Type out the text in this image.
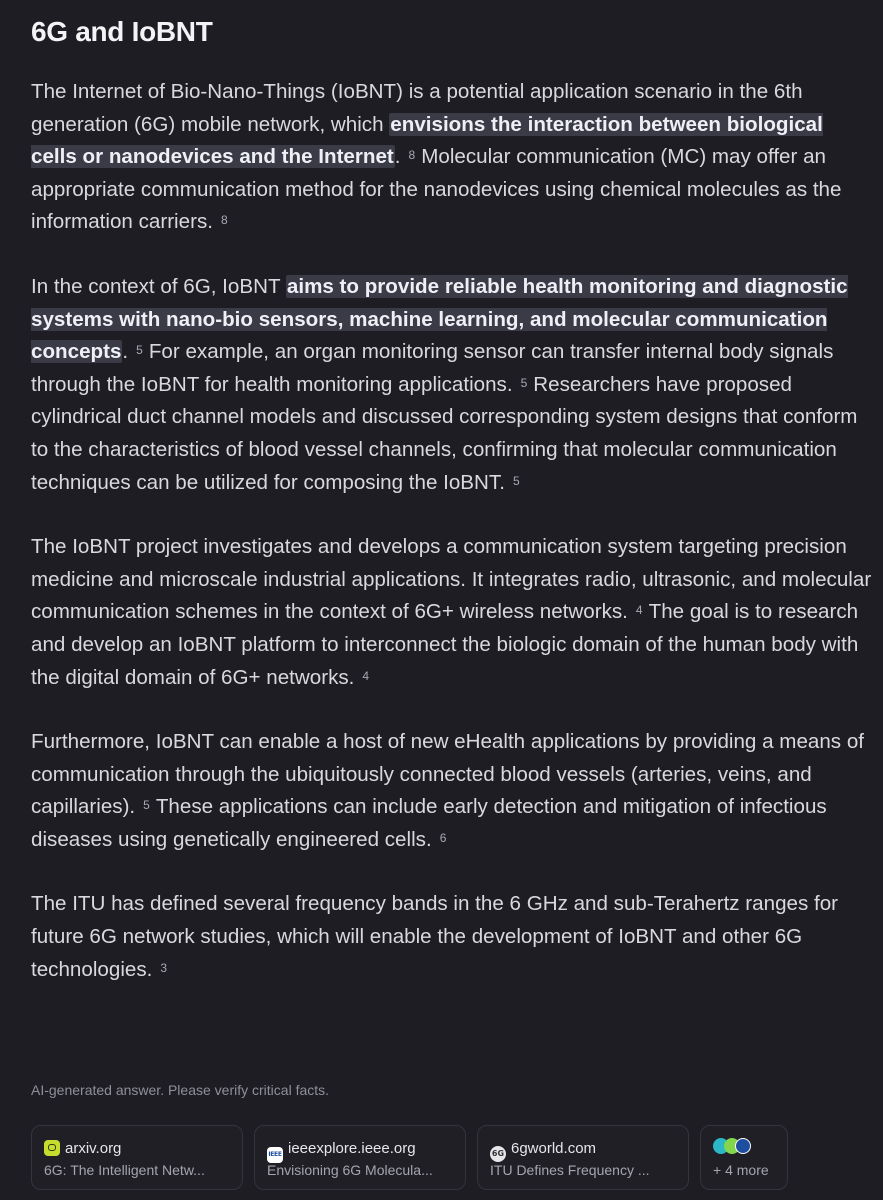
6G and IoBNT

The Internet of Bio-Nano-Things (IoBNT) is a potential application scenario in the 6th generation (6G) mobile network, which envisions the interaction between biological cells or nanodevices and the Internet. 8 Molecular communication (MC) may offer an appropriate communication method for the nanodevices using chemical molecules as the information carriers. 8

In the context of 6G, IoBNT aims to provide reliable health monitoring and diagnostic systems with nano-bio sensors, machine learning, and molecular communication concepts. 5 For example, an organ monitoring sensor can transfer internal body signals through the IoBNT for health monitoring applications. 5 Researchers have proposed cylindrical duct channel models and discussed corresponding system designs that conform to the characteristics of blood vessel channels, confirming that molecular communication techniques can be utilized for composing the IoBNT. 5

The IoBNT project investigates and develops a communication system targeting precision medicine and microscale industrial applications. It integrates radio, ultrasonic, and molecular communication schemes in the context of 6G+ wireless networks. 4 The goal is to research and develop an IoBNT platform to interconnect the biologic domain of the human body with the digital domain of 6G+ networks. 4

Furthermore, IoBNT can enable a host of new eHealth applications by providing a means of communication through the ubiquitously connected blood vessels (arteries, veins, and capillaries). 5 These applications can include early detection and mitigation of infectious diseases using genetically engineered cells. 6

The ITU has defined several frequency bands in the 6 GHz and sub-Terahertz ranges for future 6G network studies, which will enable the development of IoBNT and other 6G technologies. 3

AI-generated answer. Please verify critical facts.
arxiv.org
6G: The Intelligent Netw...
IEEE ieeexplore.ieee.org
Envisioning 6G Molecula...
6G 6gworld.com
ITU Defines Frequency ...	+ 4 more
